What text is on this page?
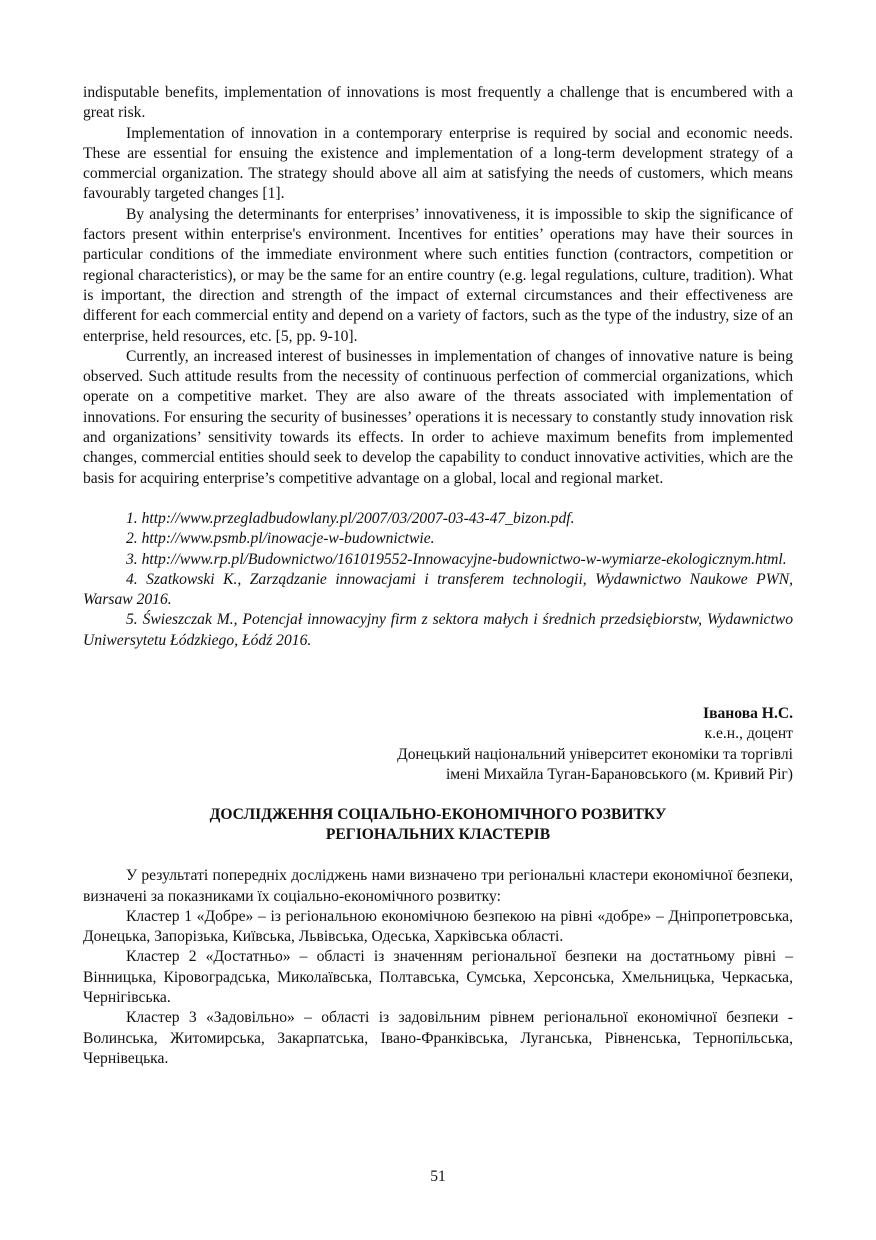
indisputable benefits, implementation of innovations is most frequently a challenge that is encumbered with a great risk.

Implementation of innovation in a contemporary enterprise is required by social and economic needs. These are essential for ensuing the existence and implementation of a long-term development strategy of a commercial organization. The strategy should above all aim at satisfying the needs of customers, which means favourably targeted changes [1].

By analysing the determinants for enterprises’ innovativeness, it is impossible to skip the significance of factors present within enterprise's environment. Incentives for entities’ operations may have their sources in particular conditions of the immediate environment where such entities function (contractors, competition or regional characteristics), or may be the same for an entire country (e.g. legal regulations, culture, tradition). What is important, the direction and strength of the impact of external circumstances and their effectiveness are different for each commercial entity and depend on a variety of factors, such as the type of the industry, size of an enterprise, held resources, etc. [5, pp. 9-10].

Currently, an increased interest of businesses in implementation of changes of innovative nature is being observed. Such attitude results from the necessity of continuous perfection of commercial organizations, which operate on a competitive market. They are also aware of the threats associated with implementation of innovations. For ensuring the security of businesses’ operations it is necessary to constantly study innovation risk and organizations’ sensitivity towards its effects. In order to achieve maximum benefits from implemented changes, commercial entities should seek to develop the capability to conduct innovative activities, which are the basis for acquiring enterprise’s competitive advantage on a global, local and regional market.

1. http://www.przegladbudowlany.pl/2007/03/2007-03-43-47_bizon.pdf.

2. http://www.psmb.pl/inowacje-w-budownictwie.

3. http://www.rp.pl/Budownictwo/161019552-Innowacyjne-budownictwo-w-wymiarze-ekologicznym.html.

4. Szatkowski K., Zarządzanie innowacjami i transferem technologii, Wydawnictwo Naukowe PWN, Warsaw 2016.

5. Świeszczak M., Potencjał innowacyjny firm z sektora małych i średnich przedsiębiorstw, Wydawnictwo Uniwersytetu Łódzkiego, Łódź 2016.

Іванова Н.С.
к.е.н., доцент
Донецький національний університет економіки та торгівлі
імені Михайла Туган-Барановського (м. Кривий Ріг)
ДОСЛІДЖЕННЯ СОЦІАЛЬНО-ЕКОНОМІЧНОГО РОЗВИТКУ
РЕГІОНАЛЬНИХ КЛАСТЕРІВ

У результаті попередніх досліджень нами визначено три регіональні кластери економічної безпеки, визначені за показниками їх соціально-економічного розвитку:

Кластер 1 «Добре» – із регіональною економічною безпекою на рівні «добре» – Дніпропетровська, Донецька, Запорізька, Київська, Львівська, Одеська, Харківська області.

Кластер 2 «Достатньо» – області із значенням регіональної безпеки на достатньому рівні – Вінницька, Кіровоградська, Миколаївська, Полтавська, Сумська, Херсонська, Хмельницька, Черкаська, Чернігівська.

Кластер 3 «Задовільно» – області із задовільним рівнем регіональної економічної безпеки - Волинська, Житомирська, Закарпатська, Івано-Франківська, Луганська, Рівненська, Тернопільська, Чернівецька.

51
